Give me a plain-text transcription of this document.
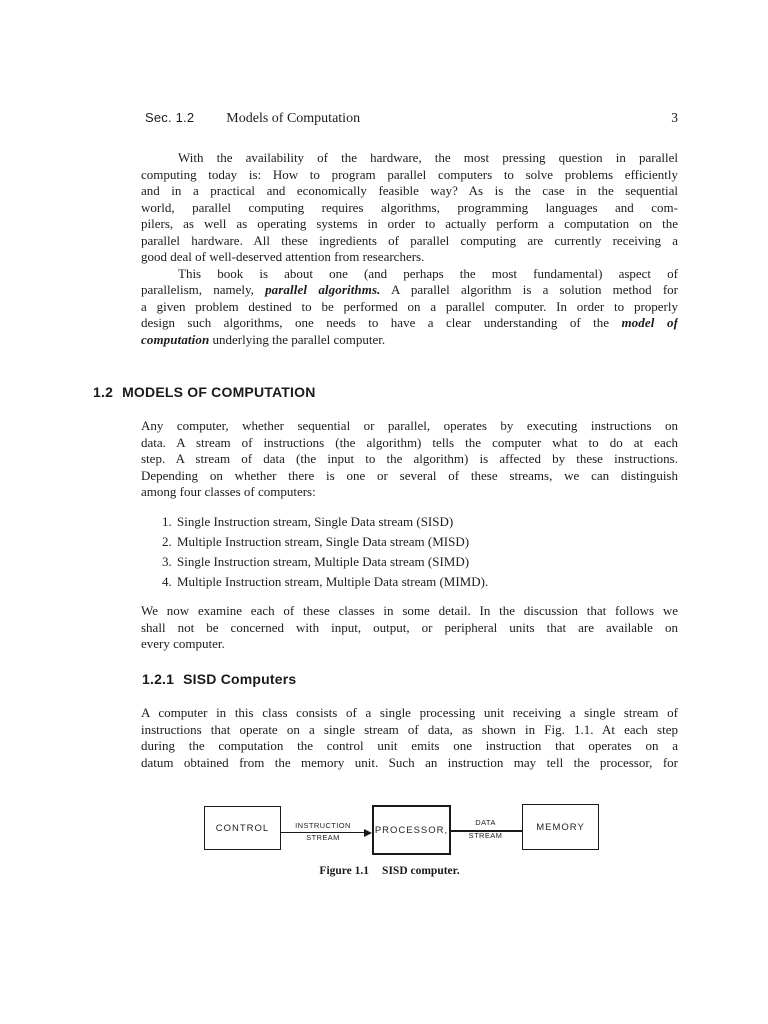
Sec. 1.2 Models of Computation	3
With the availability of the hardware, the most pressing question in parallel
computing today is: How to program parallel computers to solve problems efficiently
and in a practical and economically feasible way? As is the case in the sequential
world, parallel computing requires algorithms, programming languages and com-
pilers, as well as operating systems in order to actually perform a computation on the
parallel hardware. All these ingredients of parallel computing are currently receiving a
good deal of well-deserved attention from researchers.
This book is about one (and perhaps the most fundamental) aspect of
parallelism, namely, parallel algorithms. A parallel algorithm is a solution method for
a given problem destined to be performed on a parallel computer. In order to properly
design such algorithms, one needs to have a clear understanding of the model of
computation underlying the parallel computer.
1.2 MODELS OF COMPUTATION
Any computer, whether sequential or parallel, operates by executing instructions on
data. A stream of instructions (the algorithm) tells the computer what to do at each
step. A stream of data (the input to the algorithm) is affected by these instructions.
Depending on whether there is one or several of these streams, we can distinguish
among four classes of computers:
1. Single Instruction stream, Single Data stream (SISD)
2. Multiple Instruction stream, Single Data stream (MISD)
3. Single Instruction stream, Multiple Data stream (SIMD)
4. Multiple Instruction stream, Multiple Data stream (MIMD).
We now examine each of these classes in some detail. In the discussion that follows we
shall not be concerned with input, output, or peripheral units that are available on
every computer.
1.2.1 SISD Computers
A computer in this class consists of a single processing unit receiving a single stream of
instructions that operate on a single stream of data, as shown in Fig. 1.1. At each step
during the computation the control unit emits one instruction that operates on a
datum obtained from the memory unit. Such an instruction may tell the processor, for
CONTROL	PROCESSOR,	MEMORY
INSTRUCTION
STREAM
DATA
STREAM
Figure 1.1 SISD computer.
